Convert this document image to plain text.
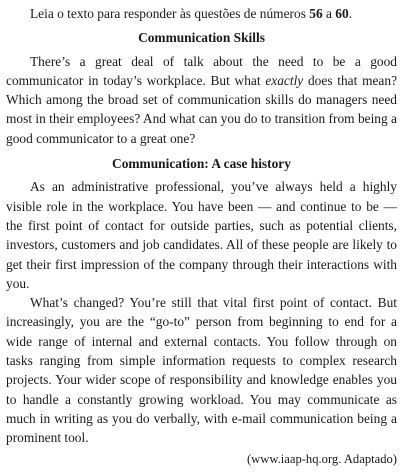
Leia o texto para responder às questões de números 56 a 60.

Communication Skills

There’s a great deal of talk about the need to be a good communicator in today’s workplace. But what exactly does that mean? Which among the broad set of communication skills do managers need most in their employees? And what can you do to transition from being a good communicator to a great one?

Communication: A case history

As an administrative professional, you’ve always held a highly visible role in the workplace. You have been — and continue to be — the first point of contact for outside parties, such as potential clients, investors, customers and job candidates. All of these people are likely to get their first impression of the company through their interactions with you.

What’s changed? You’re still that vital first point of contact. But increasingly, you are the “go-to” person from beginning to end for a wide range of internal and external contacts. You follow through on tasks ranging from simple information requests to complex research projects. Your wider scope of responsibility and knowledge enables you to handle a constantly growing workload. You may communicate as much in writing as you do verbally, with e-mail communication being a prominent tool.

(www.iaap-hq.org. Adaptado)
